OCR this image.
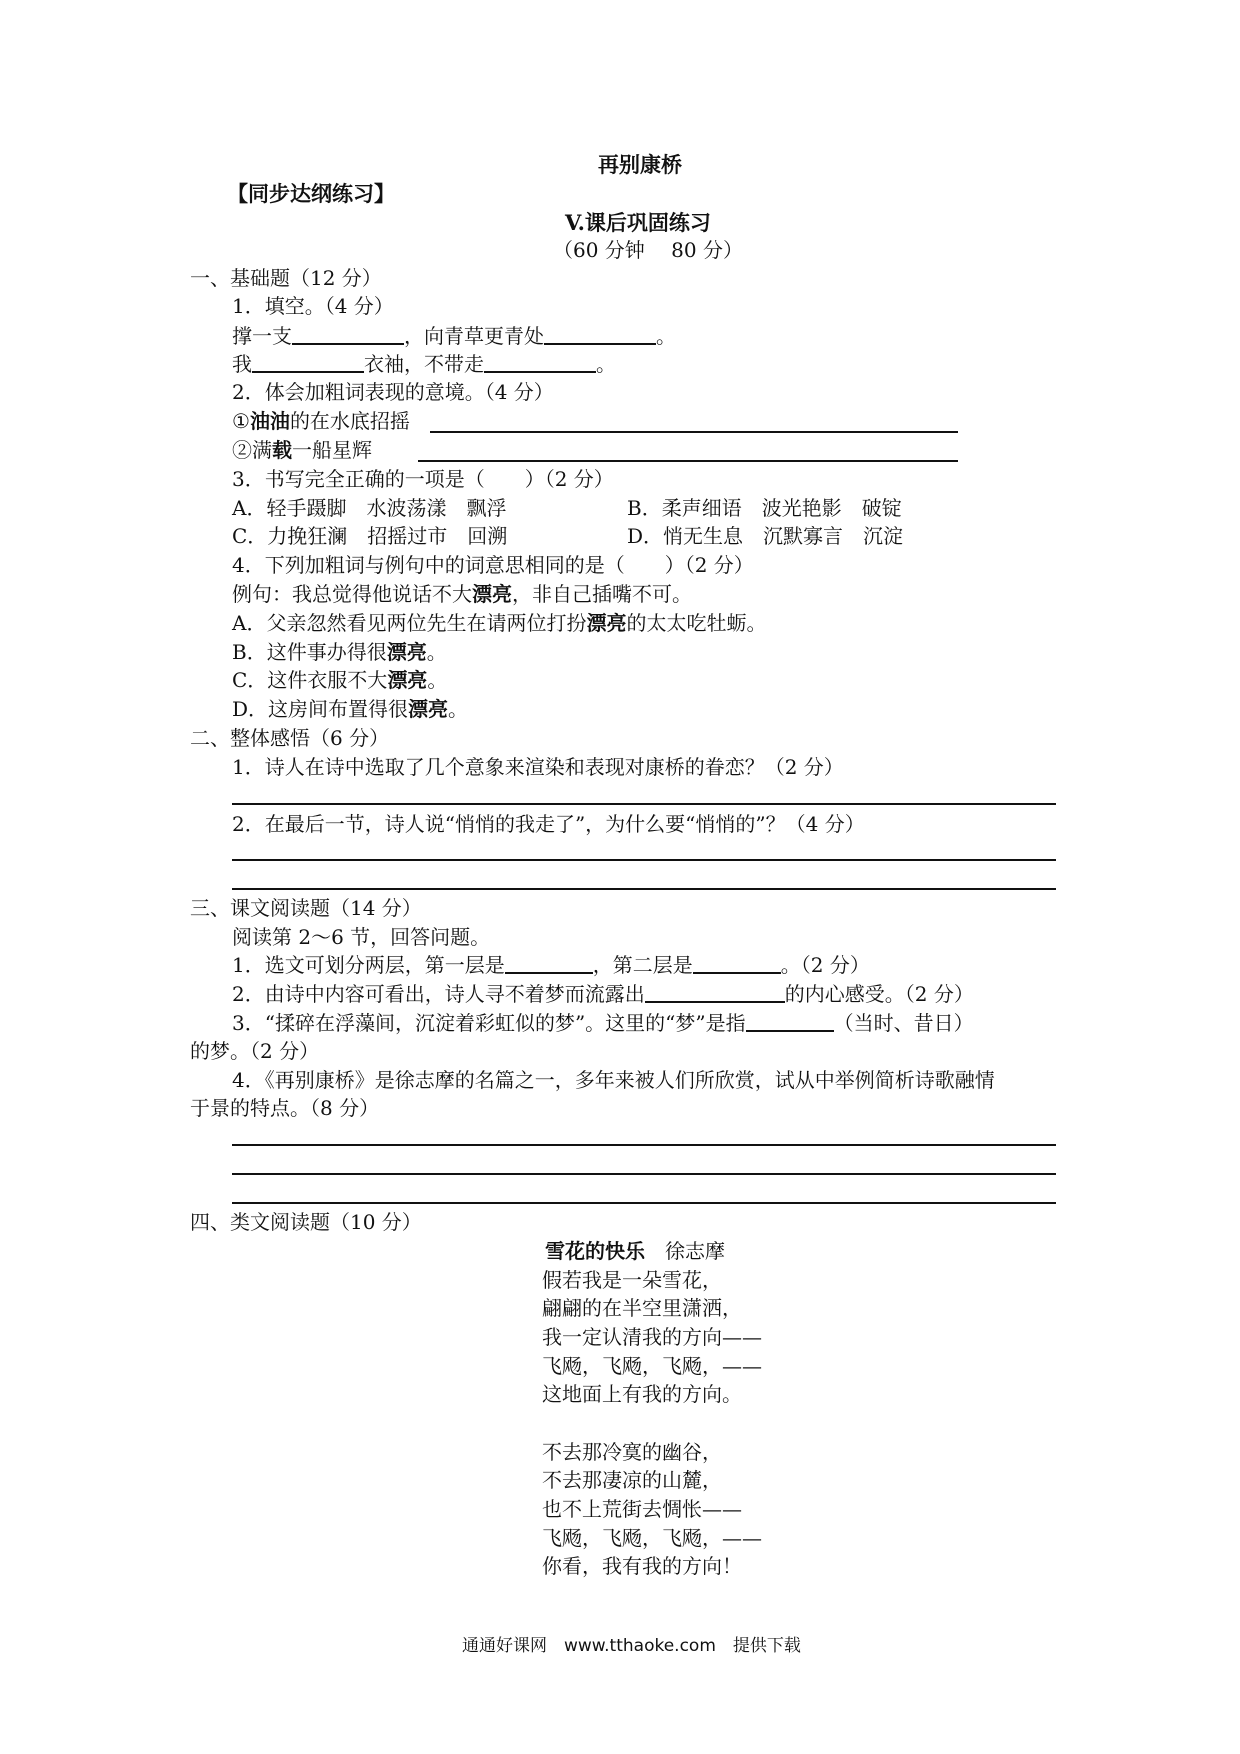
再别康桥
【同步达纲练习】
V.课后巩固练习
（60 分钟　 80 分）
一、基础题（12 分）
1．填空。（4 分）
撑一支	，向青草更青处	。
我	衣袖，不带走	。
2．体会加粗词表现的意境。（4 分）
①油油的在水底招摇
②满载一船星辉
3．书写完全正确的一项是（　　）（2 分）
A．轻手蹑脚　水波荡漾　飘浮	B．柔声细语　波光艳影　破锭
C．力挽狂澜　招摇过市　回溯	D．悄无生息　沉默寡言　沉淀
4．下列加粗词与例句中的词意思相同的是（　　）（2 分）
例句：我总觉得他说话不大漂亮，非自己插嘴不可。
A．父亲忽然看见两位先生在请两位打扮漂亮的太太吃牡蛎。
B．这件事办得很漂亮。
C．这件衣服不大漂亮。
D．这房间布置得很漂亮。
二、整体感悟（6 分）
1．诗人在诗中选取了几个意象来渲染和表现对康桥的眷恋？（2 分）
2．在最后一节，诗人说“悄悄的我走了”，为什么要“悄悄的”？（4 分）
三、课文阅读题（14 分）
阅读第 2～6 节，回答问题。
1．选文可划分两层，第一层是	，第二层是	。（2 分）
2．由诗中内容可看出，诗人寻不着梦而流露出	的内心感受。（2 分）
3．“揉碎在浮藻间，沉淀着彩虹似的梦”。这里的“梦”是指	（当时、昔日）
的梦。（2 分）
4．《再别康桥》是徐志摩的名篇之一，多年来被人们所欣赏，试从中举例简析诗歌融情
于景的特点。（8 分）
四、类文阅读题（10 分）
雪花的快乐　 徐志摩
假若我是一朵雪花，
翩翩的在半空里潇洒，
我一定认清我的方向——
飞飏，飞飏，飞飏，——
这地面上有我的方向。
不去那冷寞的幽谷，
不去那凄凉的山麓，
也不上荒街去惆怅——
飞飏，飞飏，飞飏，——
你看，我有我的方向！
通通好课网　www.tthaoke.com　提供下载
